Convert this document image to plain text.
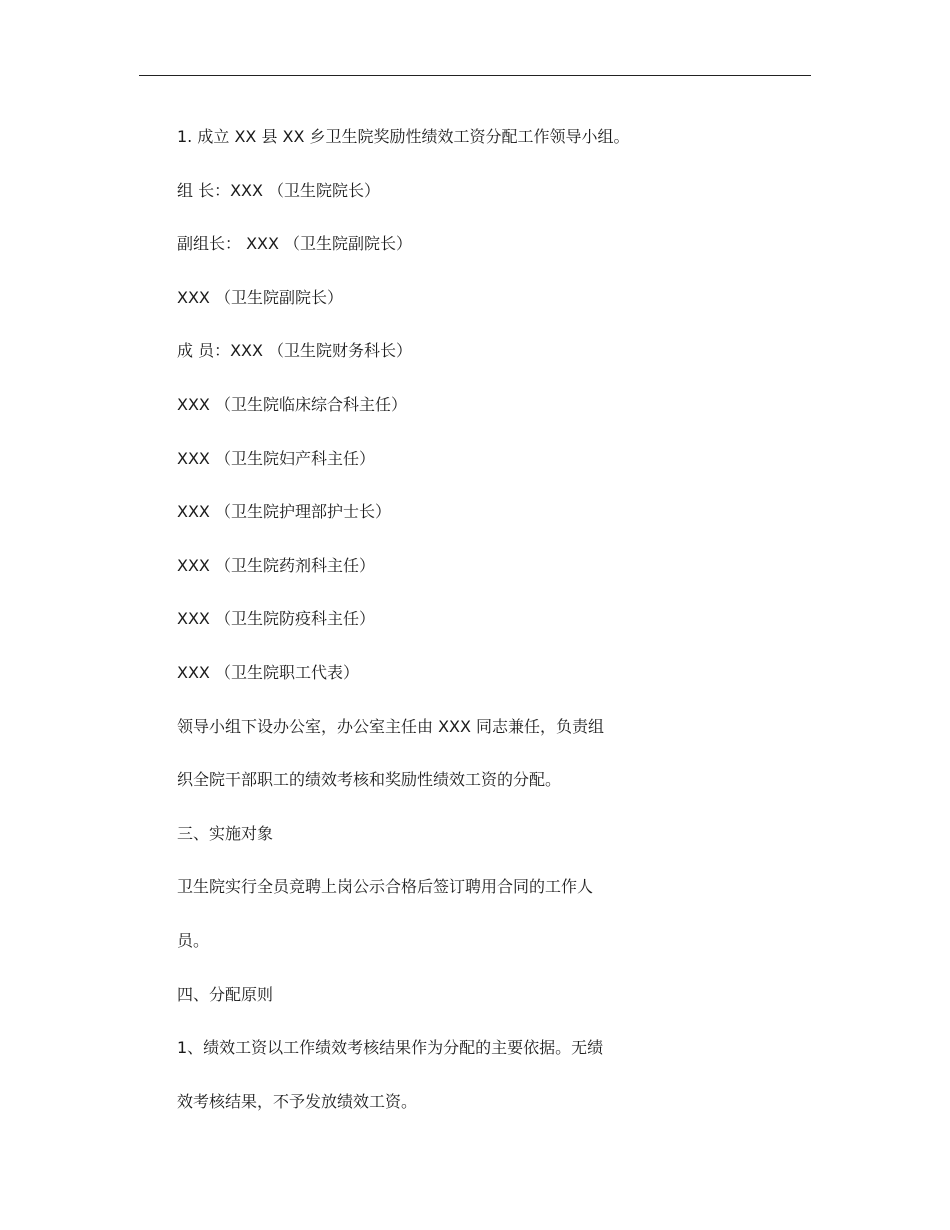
1. 成立 XX 县 XX 乡卫生院奖励性绩效工资分配工作领导小组。
组 长：XXX （卫生院院长）
副组长： XXX （卫生院副院长）
XXX （卫生院副院长）
成 员：XXX （卫生院财务科长）
XXX （卫生院临床综合科主任）
XXX （卫生院妇产科主任）
XXX （卫生院护理部护士长）
XXX （卫生院药剂科主任）
XXX （卫生院防疫科主任）
XXX （卫生院职工代表）
领导小组下设办公室，办公室主任由 XXX 同志兼任，负责组
织全院干部职工的绩效考核和奖励性绩效工资的分配。
三、实施对象
卫生院实行全员竞聘上岗公示合格后签订聘用合同的工作人
员。
四、分配原则
1、绩效工资以工作绩效考核结果作为分配的主要依据。无绩
效考核结果，不予发放绩效工资。
